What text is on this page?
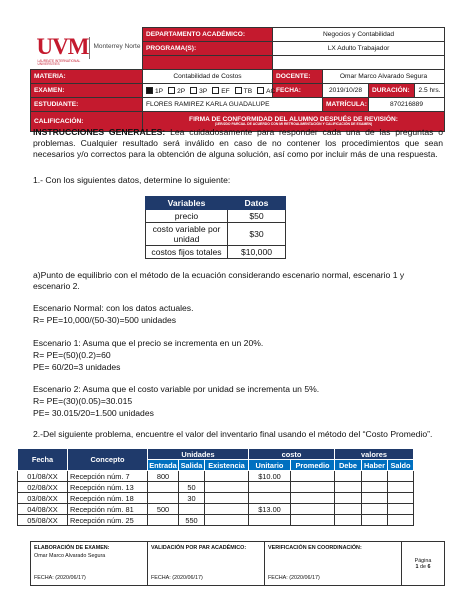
UVM
LAUREATE INTERNATIONAL UNIVERSITIES
Monterrey Norte	DEPARTAMENTO ACADÉMICO:	Negocios y Contabilidad			
	PROGRAMA(S):	LX Adulto Trabajador			

MATERIA:	Contabilidad de Costos	DOCENTE:	Omar Marco Alvarado Segura		
EXAMEN:	1P 2P 3P EF TB AC	FECHA:	2019/10/28	DURACIÓN:	2.5 hrs.
ESTUDIANTE:	FLORES RAMIREZ KARLA GUADALUPE		MATRÍCULA:	870216889	
CALIFICACIÓN:	FIRMA DE CONFORMIDAD DEL ALUMNO DESPUÉS DE REVISIÓN:
(1ER/2DO PARCIAL DE ACUERDO CON MI RETROALIMENTACIÓN Y CALIFICACIÓN DE EXAMEN)				
INSTRUCCIONES GENERALES: Lea cuidadosamente para responder cada una de las preguntas o problemas. Cualquier resultado será inválido en caso de no contener los procedimientos que sean necesarios y/o correctos para la obtención de alguna solución, así como por incluir más de una respuesta.
1.- Con los siguientes datos, determine lo siguiente:
Variables	Datos
precio	$50
costo variable por unidad	$30
costos fijos totales	$10,000
a)Punto de equilibrio con el método de la ecuación considerando escenario normal, escenario 1 y escenario 2.
Escenario Normal: con los datos actuales.
R= PE=10,000/(50-30)=500 unidades
Escenario 1: Asuma que el precio se incrementa en un 20%.
R= PE=(50)(0.2)=60
PE= 60/20=3 unidades
Escenario 2: Asuma que el costo variable por unidad se incrementa un 5%.
R= PE=(30)(0.05)=30.015
PE= 30.015/20=1.500 unidades
2.-Del siguiente problema, encuentre el valor del inventario final usando el método del “Costo Promedio”.
Fecha	Concepto	Unidades			costo		valores		
		Entrada	Salida	Existencia	Unitario	Promedio	Debe	Haber	Saldo
01/08/XX	Recepción núm. 7	800			$10.00				
02/08/XX	Recepción núm. 13		50						
03/08/XX	Recepción núm. 18		30						
04/08/XX	Recepción núm. 81	500			$13.00				
05/08/XX	Recepción núm. 25		550						
ELABORACIÓN DE EXAMEN:
Omar Marco Alvarado Segura
FECHA: (2020/06/17)

VALIDACIÓN POR PAR ACADÉMICO:
FECHA: (2020/06/17)

VERIFICACIÓN EN COORDINACIÓN:
FECHA: (2020/06/17)
	Página
1 de 6
